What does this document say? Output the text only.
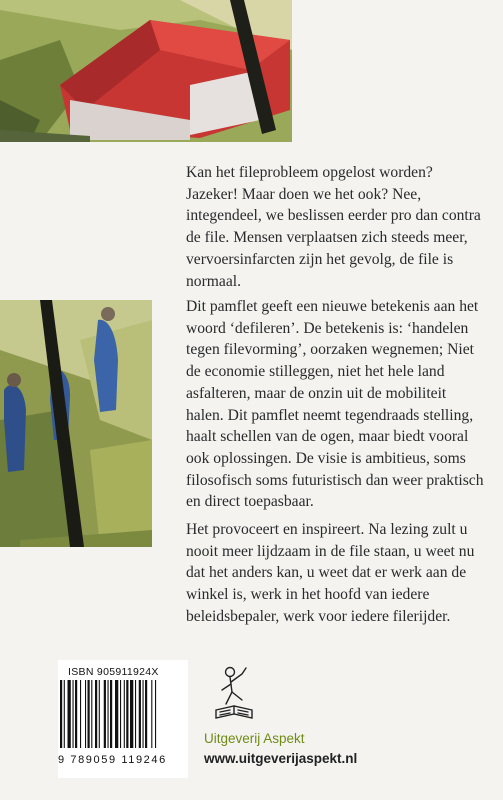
Kan het fileprobleem opgelost worden? Jazeker! Maar doen we het ook? Nee, integendeel, we beslissen eerder pro dan contra de file. Mensen verplaatsen zich steeds meer, vervoersinfarcten zijn het gevolg, de file is normaal.

Dit pamflet geeft een nieuwe betekenis aan het woord ‘defileren’. De betekenis is: ‘handelen tegen filevorming’, oorzaken wegnemen; Niet de economie stilleggen, niet het hele land asfalteren, maar de onzin uit de mobiliteit halen. Dit pamflet neemt tegendraads stelling, haalt schellen van de ogen, maar biedt vooral ook oplossingen. De visie is ambitieus, soms filosofisch soms futuristisch dan weer praktisch en direct toepasbaar.

Het provoceert en inspireert. Na lezing zult u nooit meer lijdzaam in de file staan, u weet nu dat het anders kan, u weet dat er werk aan de winkel is, werk in het hoofd van iedere beleidsbepaler, werk voor iedere filerijder.

ISBN 905911924X
9 789059 119246
Uitgeverij Aspekt
www.uitgeverijaspekt.nl
